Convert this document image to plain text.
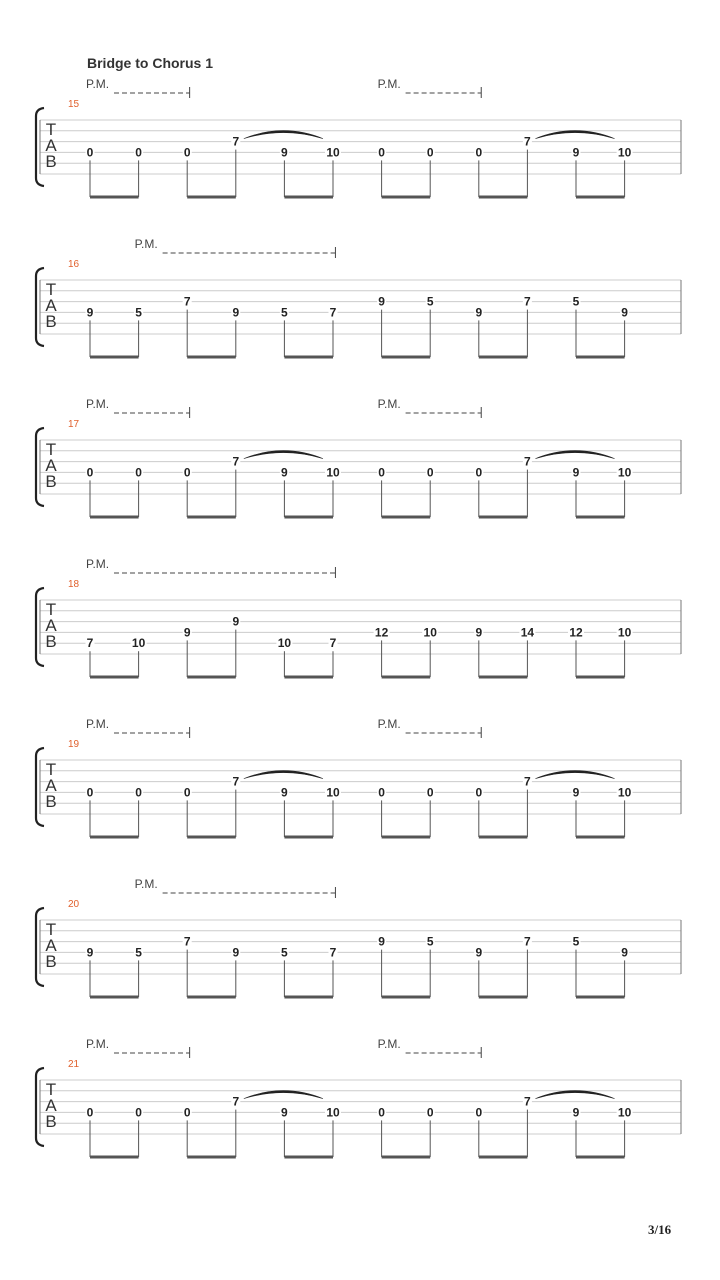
Bridge to Chorus 1
T
A
B
15
P.M.	P.M.
0	0	0
7
9	10	0	0	0
7
9	10
T
A
B
16
P.M.
9	5
7
9	5	7
9	5
9
7	5
9
T
A
B
17
P.M.	P.M.
0	0	0
7
9	10	0	0	0
7
9	10
T
A
B
18
P.M.
7	10
9
9
10	7
12	10	9	14	12	10
T
A
B
19
P.M.	P.M.
0	0	0
7
9	10	0	0	0
7
9	10
T
A
B
20
P.M.
9	5
7
9	5	7
9	5
9
7	5
9
T
A
B
21
P.M.	P.M.
0	0	0
7
9	10	0	0	0
7
9	10
3/16
